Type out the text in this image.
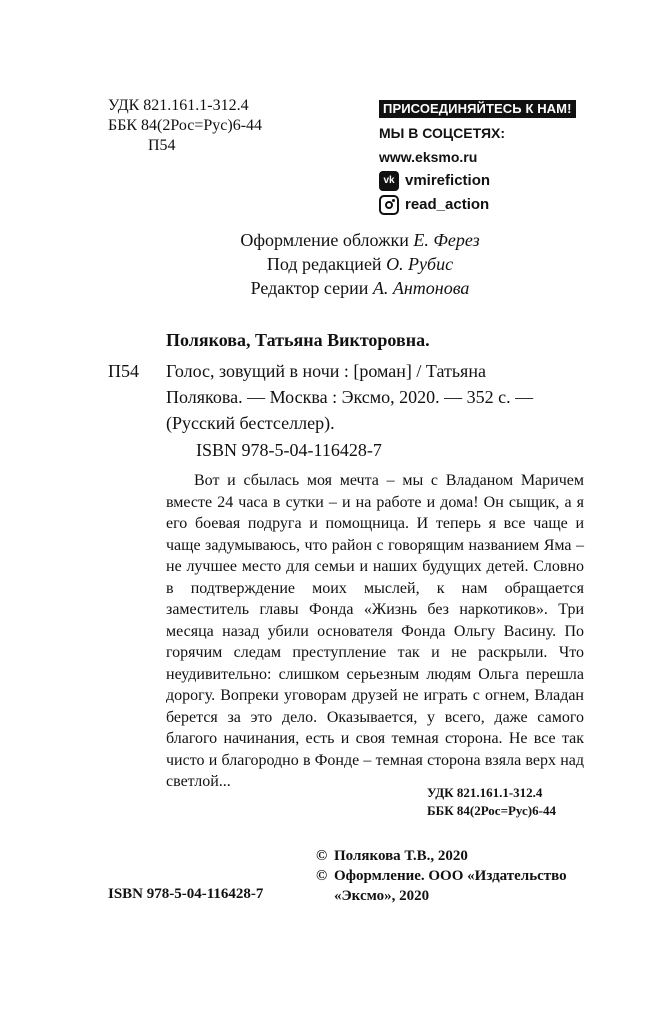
УДК 821.161.1-312.4
ББК 84(2Рос=Рус)6-44
П54
ПРИСОЕДИНЯЙТЕСЬ К НАМ!
МЫ В СОЦСЕТЯХ:
www.eksmo.ru
vk vmirefiction
read_action
Оформление обложки Е. Ферез
Под редакцией О. Рубис
Редактор серии А. Антонова
Полякова, Татьяна Викторовна.
П54 Голос, зовущий в ночи : [роман] / Татьяна
Полякова. — Москва : Эксмо, 2020. — 352 с. —
(Русский бестселлер).
ISBN 978-5-04-116428-7
Вот и сбылась моя мечта – мы с Владаном Маричем вместе 24 часа в сутки – и на работе и дома! Он сыщик, а я его боевая подруга и помощница. И теперь я все чаще и чаще задумываюсь, что район с говорящим названием Яма – не лучшее место для семьи и наших будущих детей. Словно в подтверждение моих мыслей, к нам обращается заместитель главы Фонда «Жизнь без наркотиков». Три месяца назад убили основателя Фонда Ольгу Васину. По горячим следам преступление так и не раскрыли. Что неудивительно: слишком серьезным людям Ольга перешла дорогу. Вопреки уговорам друзей не играть с огнем, Владан берется за это дело. Оказывается, у всего, даже самого благого начинания, есть и своя темная сторона. Не все так чисто и благородно в Фонде – темная сторона взяла верх над светлой...
УДК 821.161.1-312.4
ББК 84(2Рос=Рус)6-44
© Полякова Т.В., 2020
© Оформление. ООО «Издательство
«Эксмо», 2020
ISBN 978-5-04-116428-7
